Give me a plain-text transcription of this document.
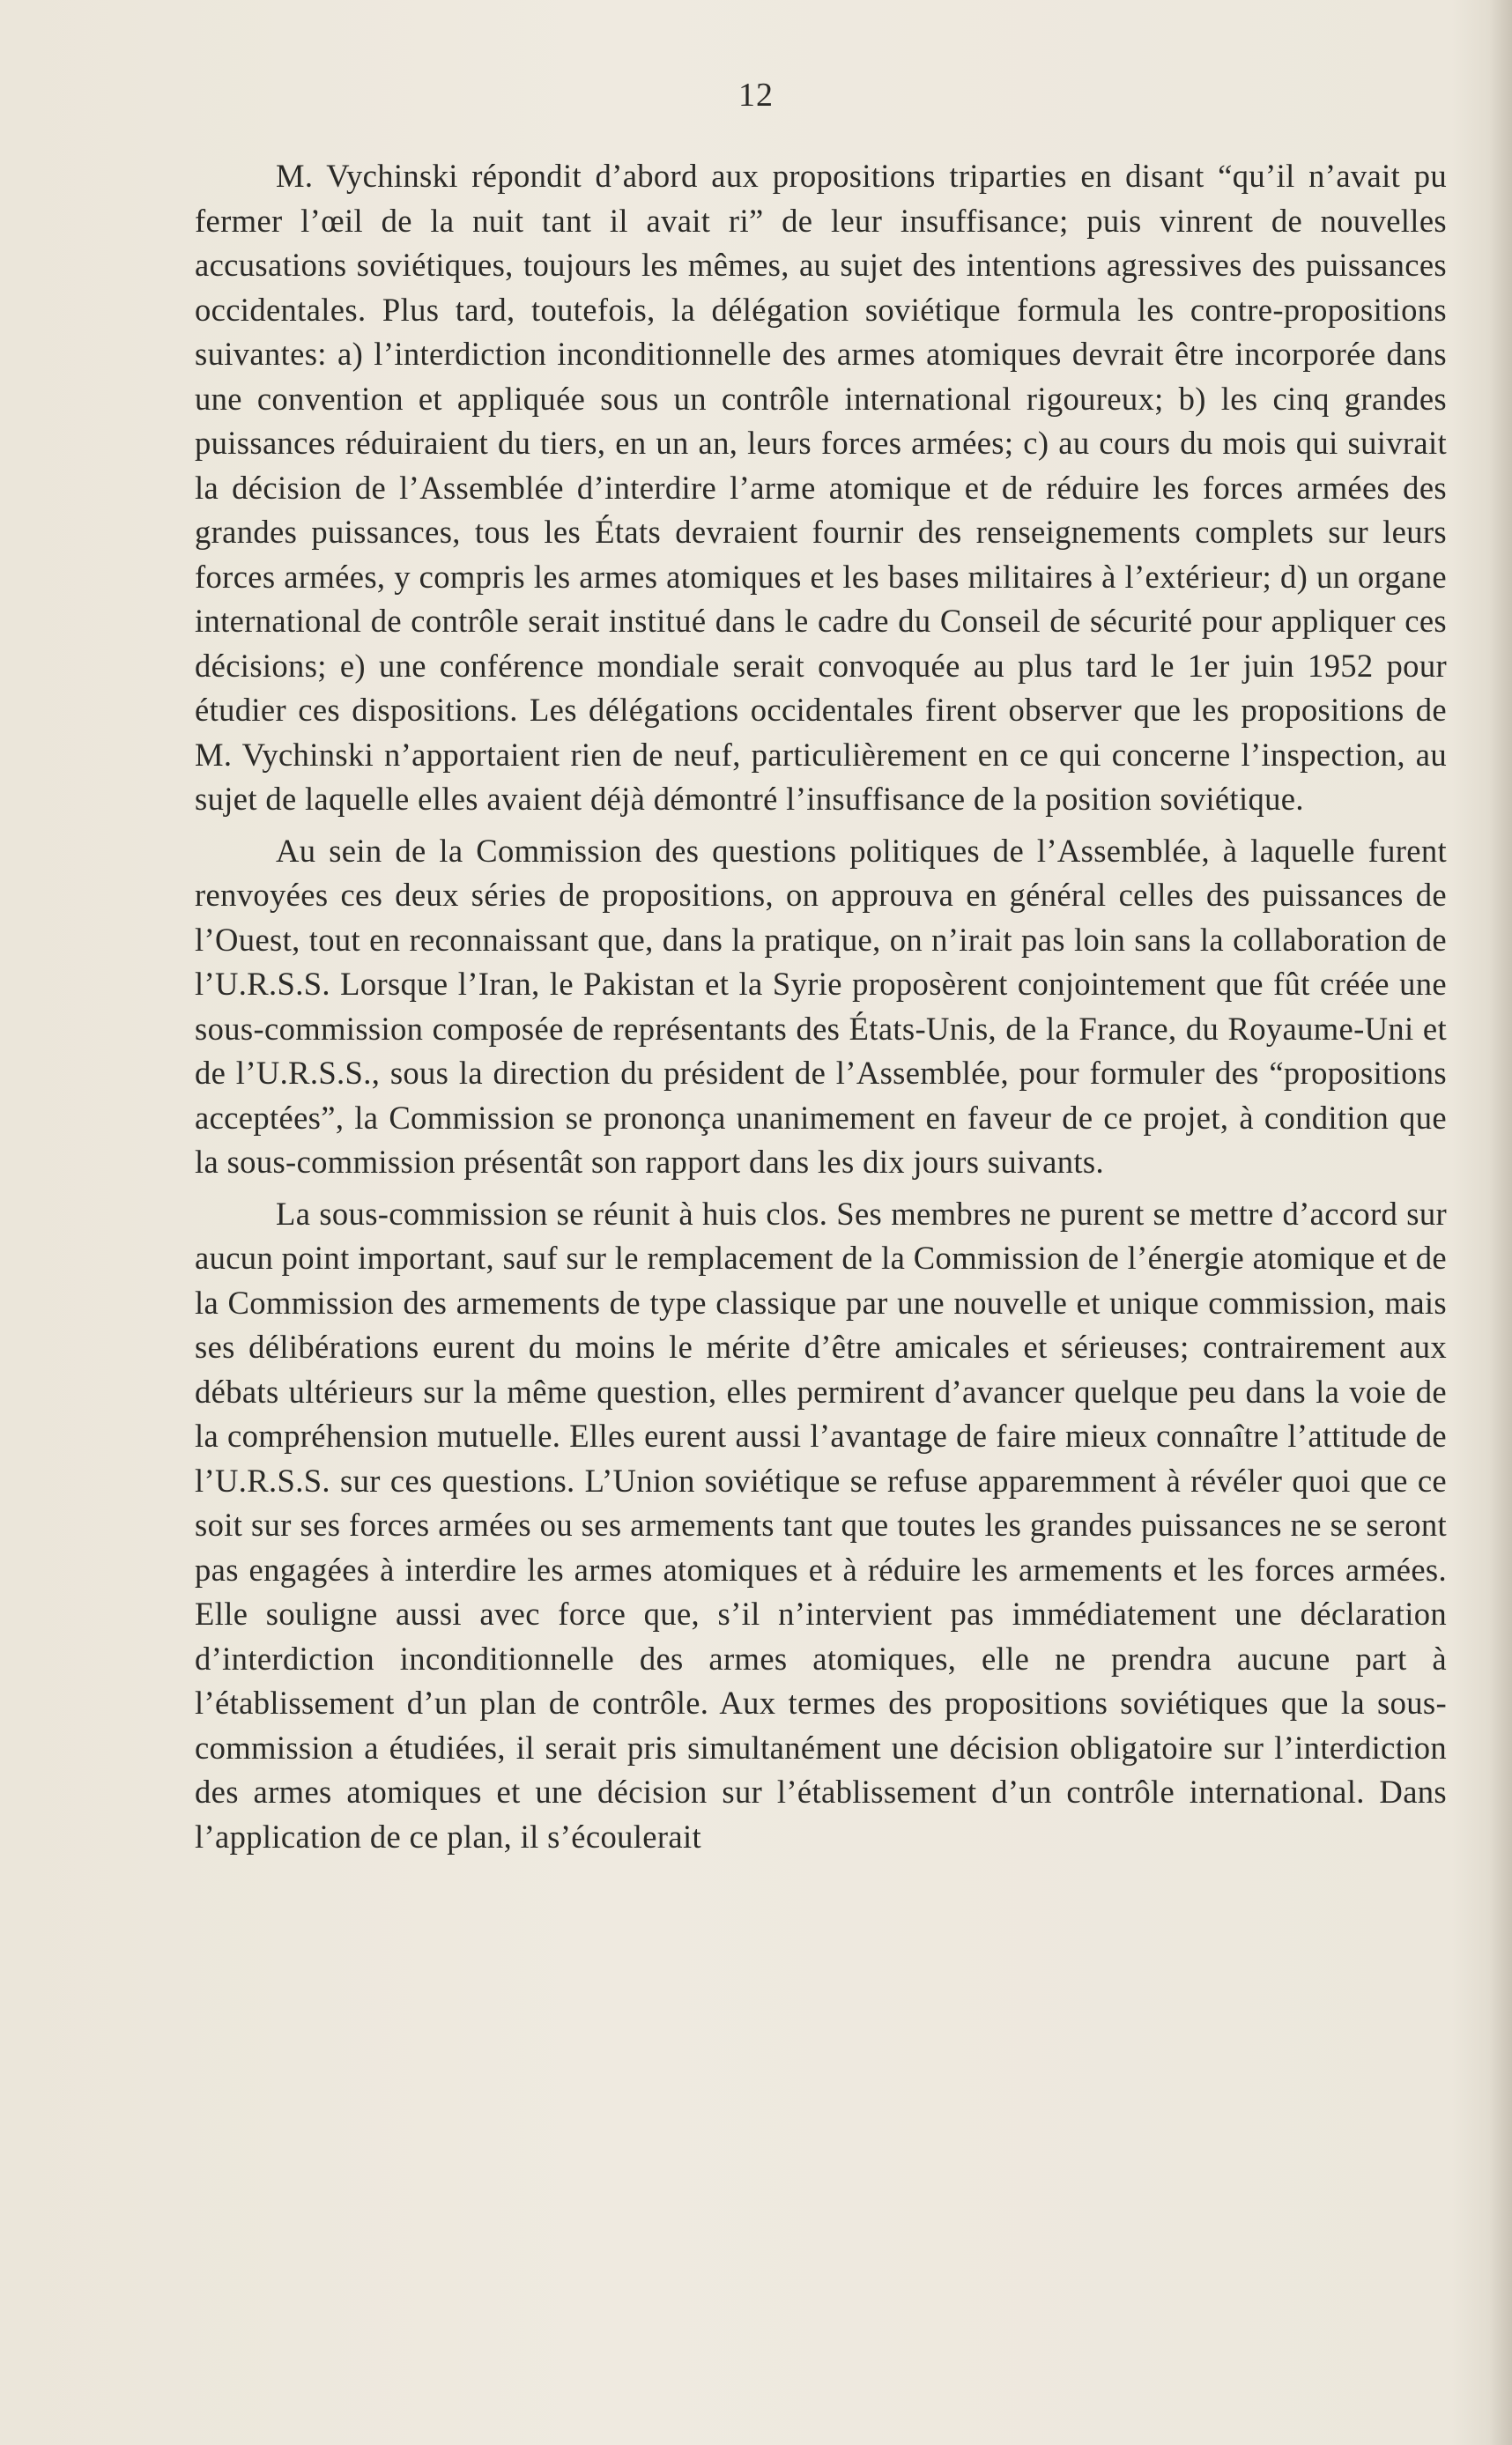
12

M. Vychinski répondit d’abord aux propositions triparties en disant “qu’il n’avait pu fermer l’œil de la nuit tant il avait ri” de leur insuffisance; puis vinrent de nouvelles accusations soviétiques, toujours les mêmes, au sujet des intentions agressives des puissances occidentales. Plus tard, toutefois, la délégation soviétique formula les contre-propositions suivantes: a) l’interdiction inconditionnelle des armes atomiques devrait être incorporée dans une convention et appliquée sous un contrôle international rigoureux; b) les cinq grandes puissances réduiraient du tiers, en un an, leurs forces armées; c) au cours du mois qui suivrait la décision de l’Assemblée d’interdire l’arme atomique et de réduire les forces armées des grandes puissances, tous les États devraient fournir des renseignements complets sur leurs forces armées, y compris les armes atomiques et les bases militaires à l’extérieur; d) un organe international de contrôle serait institué dans le cadre du Conseil de sécurité pour appliquer ces décisions; e) une conférence mondiale serait convoquée au plus tard le 1er juin 1952 pour étudier ces dispositions. Les délégations occidentales firent observer que les propositions de M. Vychinski n’apportaient rien de neuf, particulièrement en ce qui concerne l’inspection, au sujet de laquelle elles avaient déjà démontré l’insuffisance de la position soviétique.

Au sein de la Commission des questions politiques de l’Assemblée, à laquelle furent renvoyées ces deux séries de propositions, on approuva en général celles des puissances de l’Ouest, tout en reconnaissant que, dans la pratique, on n’irait pas loin sans la collaboration de l’U.R.S.S. Lorsque l’Iran, le Pakistan et la Syrie proposèrent conjointement que fût créée une sous-commission composée de représentants des États-Unis, de la France, du Royaume-Uni et de l’U.R.S.S., sous la direction du président de l’Assemblée, pour formuler des “propositions acceptées”, la Commission se prononça unanimement en faveur de ce projet, à condition que la sous-commission présentât son rapport dans les dix jours suivants.

La sous-commission se réunit à huis clos. Ses membres ne purent se mettre d’accord sur aucun point important, sauf sur le remplacement de la Commission de l’énergie atomique et de la Commission des armements de type classique par une nouvelle et unique commission, mais ses délibérations eurent du moins le mérite d’être amicales et sérieuses; contrairement aux débats ultérieurs sur la même question, elles permirent d’avancer quelque peu dans la voie de la compréhension mutuelle. Elles eurent aussi l’avantage de faire mieux connaître l’attitude de l’U.R.S.S. sur ces questions. L’Union soviétique se refuse apparemment à révéler quoi que ce soit sur ses forces armées ou ses armements tant que toutes les grandes puissances ne se seront pas engagées à interdire les armes atomiques et à réduire les armements et les forces armées. Elle souligne aussi avec force que, s’il n’intervient pas immédiatement une déclaration d’interdiction inconditionnelle des armes atomiques, elle ne prendra aucune part à l’établissement d’un plan de contrôle. Aux termes des propositions soviétiques que la sous-commission a étudiées, il serait pris simultanément une décision obligatoire sur l’interdiction des armes atomiques et une décision sur l’établissement d’un contrôle international. Dans l’application de ce plan, il s’écoulerait
